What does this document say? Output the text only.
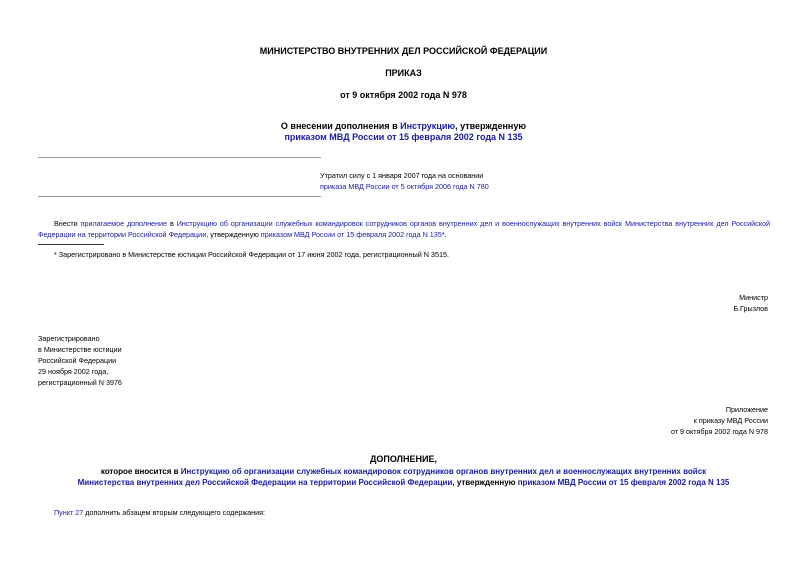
МИНИСТЕРСТВО ВНУТРЕННИХ ДЕЛ РОССИЙСКОЙ ФЕДЕРАЦИИ
ПРИКАЗ
от 9 октября 2002 года N 978
О внесении дополнения в Инструкцию, утвержденную
приказом МВД России от 15 февраля 2002 года N 135
Утратил силу с 1 января 2007 года на основании
приказа МВД России от 5 октября 2006 года N 780
Внести прилагаемое дополнение в Инструкцию об организации служебных командировок сотрудников органов внутренних дел и военнослужащих внутренних войск Министерства внутренних дел Российской Федерации на территории Российской Федерации, утвержденную приказом МВД России от 15 февраля 2002 года N 135*.
* Зарегистрировано в Министерстве юстиции Российской Федерации от 17 июня 2002 года, регистрационный N 3515.
Министр
Б.Грызлов
Зарегистрировано
в Министерстве юстиции
Российской Федерации
29 ноября 2002 года,
регистрационный N 3976
Приложение
к приказу МВД России
от 9 октября 2002 года N 978
ДОПОЛНЕНИЕ,
которое вносится в Инструкцию об организации служебных командировок сотрудников органов внутренних дел и военнослужащих внутренних войск
Министерства внутренних дел Российской Федерации на территории Российской Федерации, утвержденную приказом МВД России от 15 февраля 2002 года N 135
Пункт 27 дополнить абзацем вторым следующего содержания:
